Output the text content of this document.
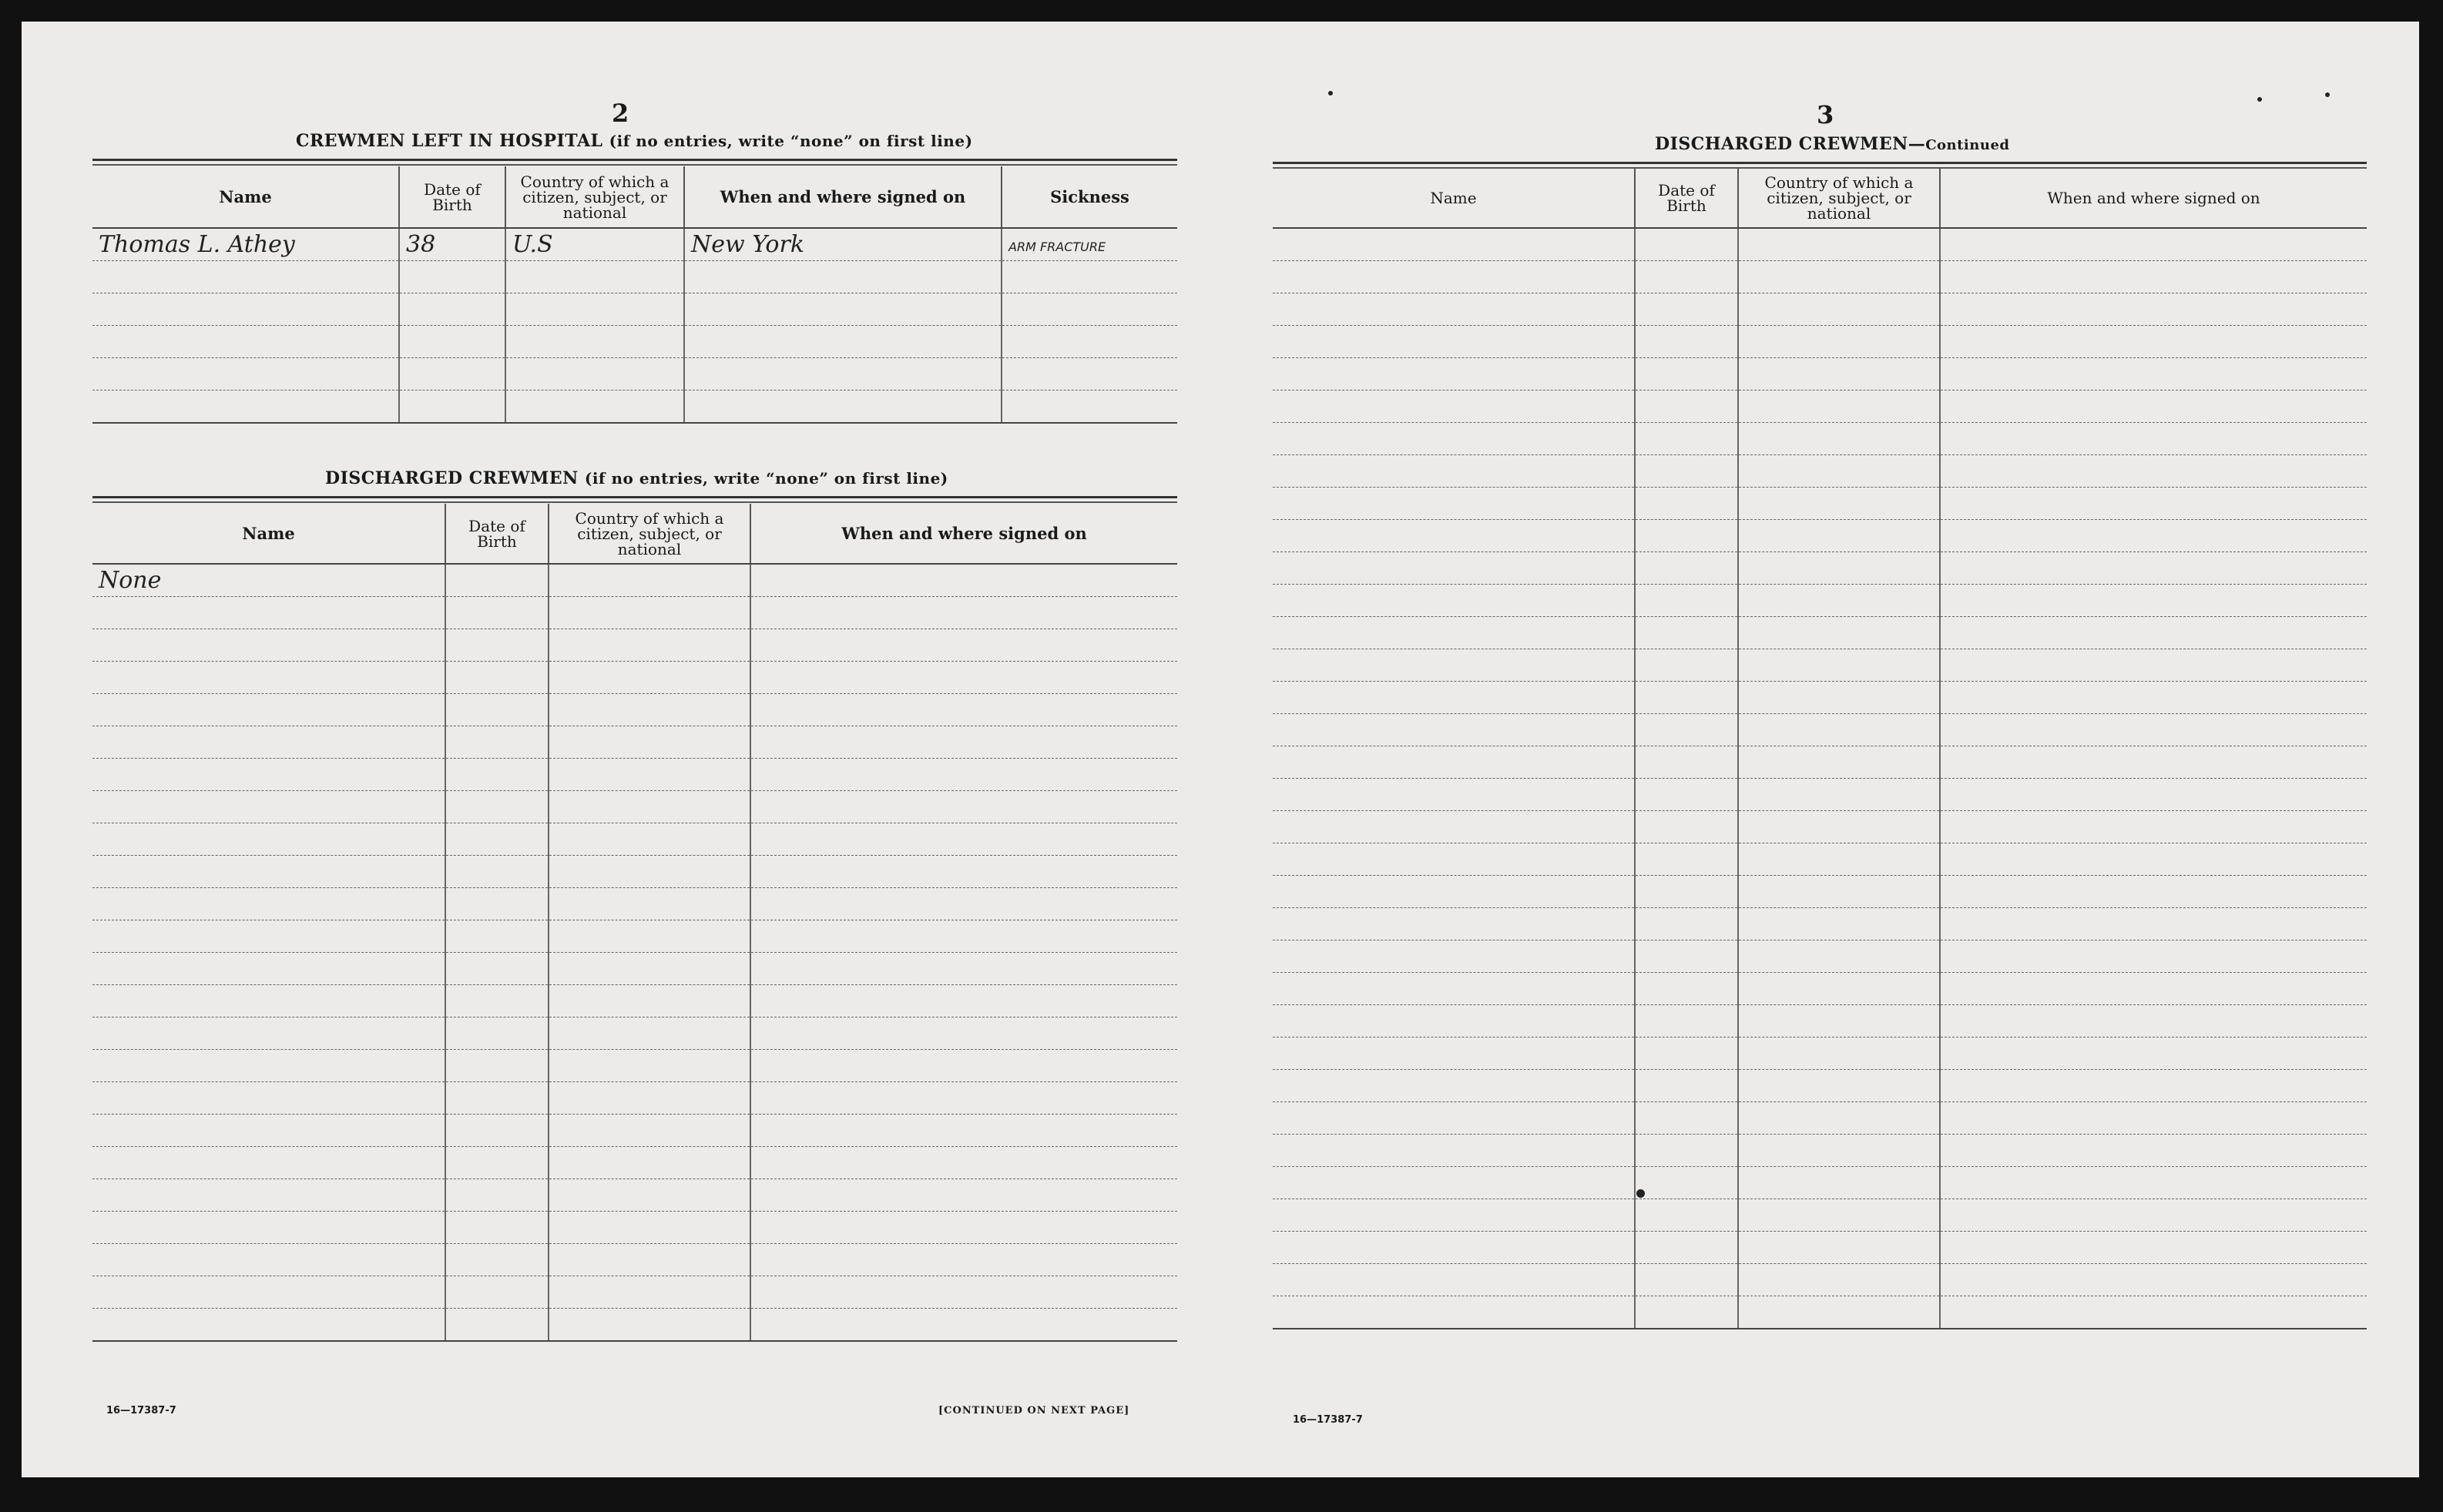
2
CREWMEN LEFT IN HOSPITAL (if no entries, write “none” on first line)
Name	Date of Birth	Country of which a citizen, subject, or national	When and where signed on	Sickness
Thomas L. Athey	38	U.S	New York	ARM FRACTURE

DISCHARGED CREWMEN (if no entries, write “none” on first line)
Name	Date of Birth	Country of which a citizen, subject, or national	When and where signed on
None			

16—17387-7	[CONTINUED ON NEXT PAGE]
3
DISCHARGED CREWMEN—Continued
Name	Date of Birth	Country of which a citizen, subject, or national	When and where signed on

16—17387-7
